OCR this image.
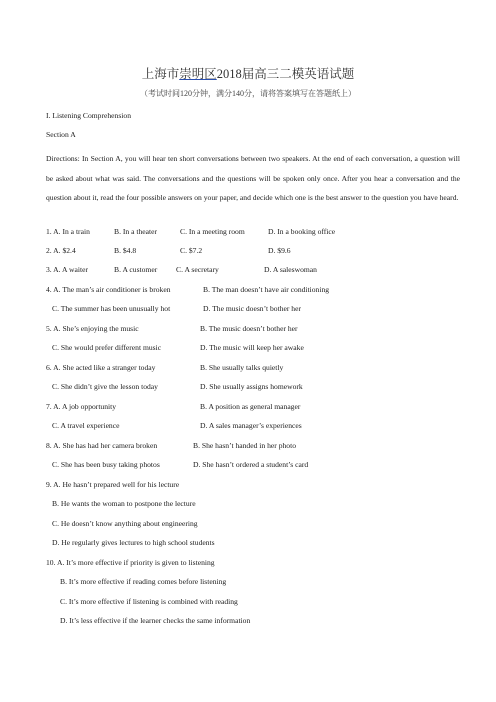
上海市崇明区2018届高三二模英语试题
（考试时间120分钟，满分140分，请将答案填写在答题纸上）
I. Listening Comprehension
Section A
Directions: In Section A, you will hear ten short conversations between two speakers. At the end of each conversation, a question will be asked about what was said. The conversations and the questions will be spoken only once. After you hear a conversation and the question about it, read the four possible answers on your paper, and decide which one is the best answer to the question you have heard.
1. A. In a train	B. In a theater	C. In a meeting room	D. In a booking office
2. A. $2.4	B. $4.8	C. $7.2	D. $9.6
3. A. A waiter	B. A customer C. A secretary	D. A saleswoman
4. A. The man’s air conditioner is broken	B. The man doesn’t have air conditioning
C. The summer has been unusually hot	D. The music doesn’t bother her
5. A. She’s enjoying the music	B. The music doesn’t bother her
C. She would prefer different music	D. The music will keep her awake
6. A. She acted like a stranger today	B. She usually talks quietly
C. She didn’t give the lesson today	D. She usually assigns homework
7. A. A job opportunity	B. A position as general manager
C. A travel experience	D. A sales manager’s experiences
8. A. She has had her camera broken	B. She hasn’t handed in her photo
C. She has been busy taking photos	D. She hasn’t ordered a student’s card
9. A. He hasn’t prepared well for his lecture
B. He wants the woman to postpone the lecture
C. He doesn’t know anything about engineering
D. He regularly gives lectures to high school students
10. A. It’s more effective if priority is given to listening
B. It’s more effective if reading comes before listening
C. It’s more effective if listening is combined with reading
D. It’s less effective if the learner checks the same information
